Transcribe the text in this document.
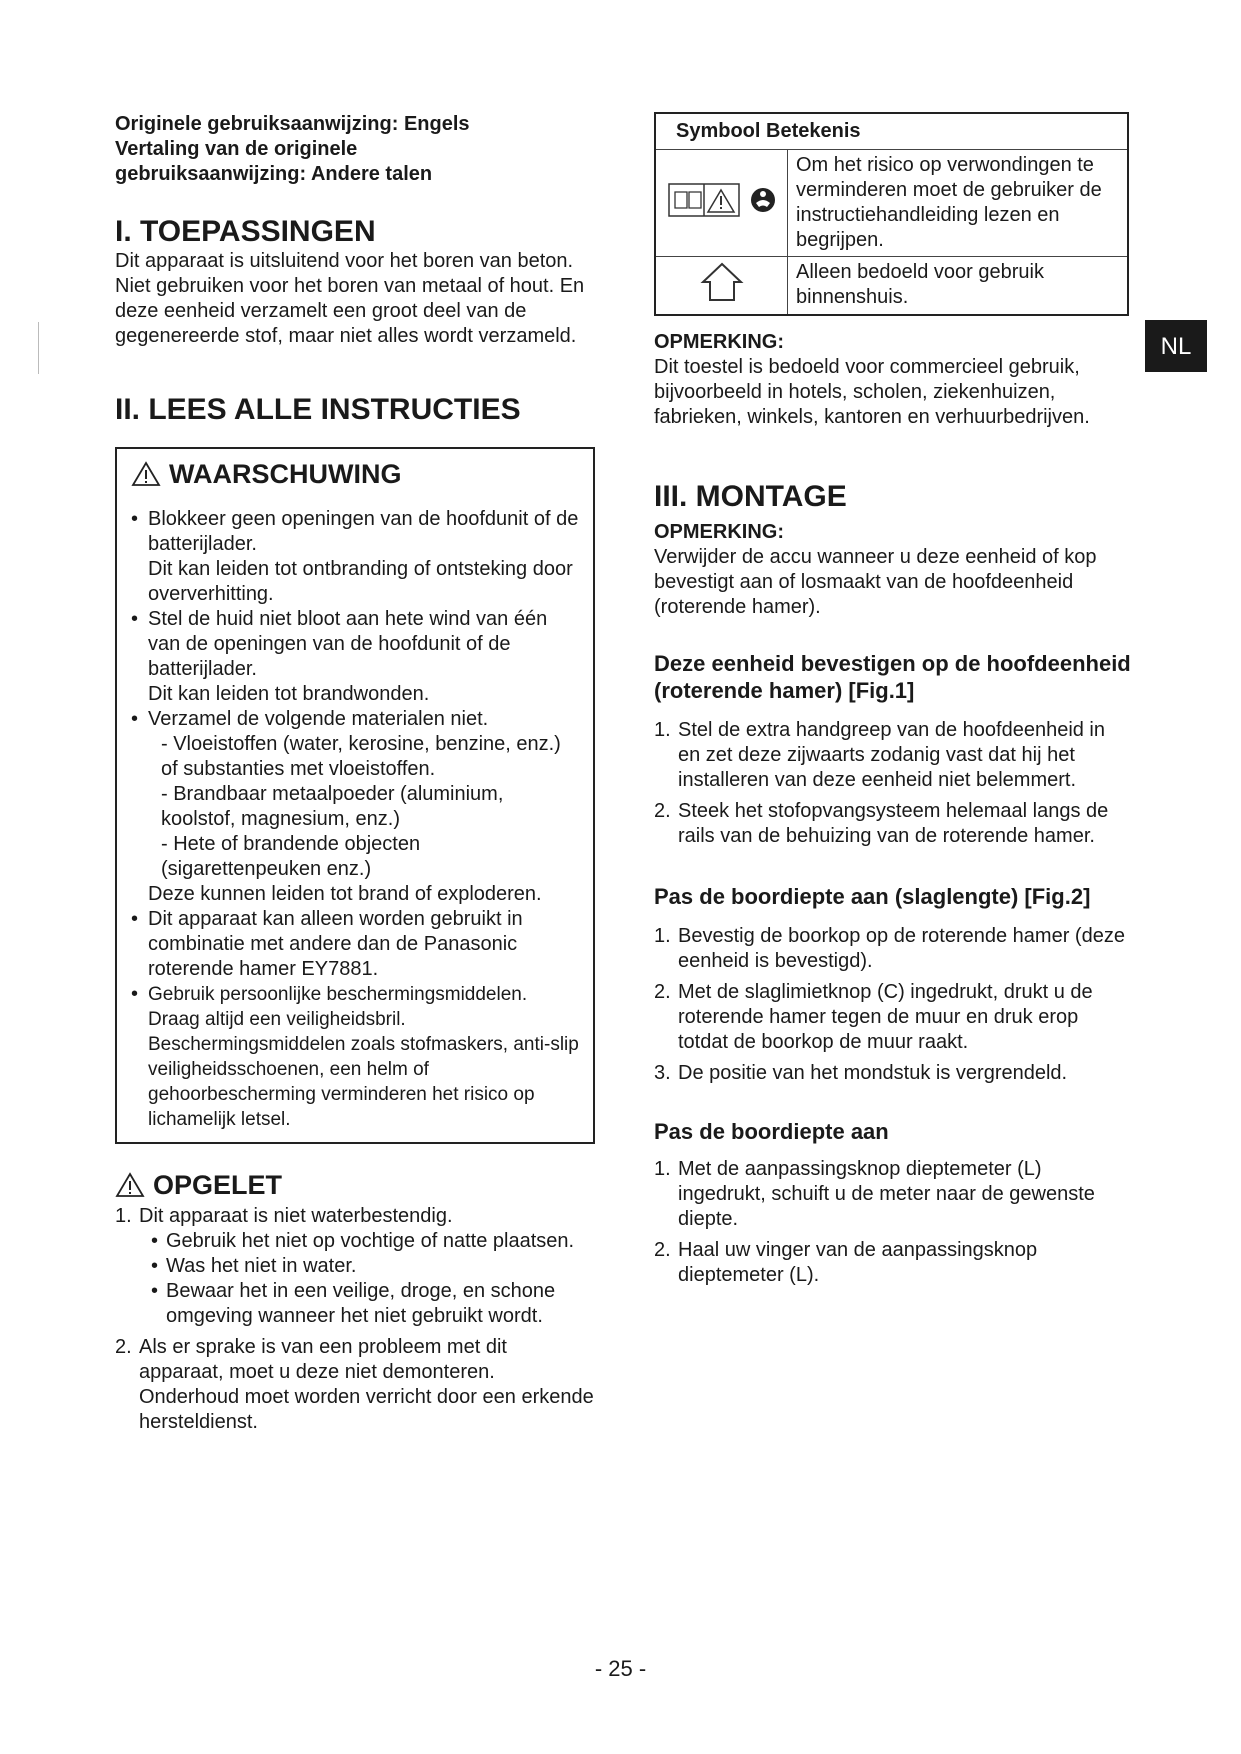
Originele gebruiksaanwijzing: Engels

Vertaling van de originele

gebruiksaanwijzing: Andere talen

I. TOEPASSINGEN

Dit apparaat is uitsluitend voor het boren van beton. Niet gebruiken voor het boren van metaal of hout. En deze eenheid verzamelt een groot deel van de gegenereerde stof, maar niet alles wordt verzameld.

II. LEES ALLE INSTRUCTIES
WAARSCHUWING
• Blokkeer geen openingen van de hoofdunit of de batterijlader.
Dit kan leiden tot ontbranding of ontsteking door oververhitting.
• Stel de huid niet bloot aan hete wind van één van de openingen van de hoofdunit of de batterijlader.
Dit kan leiden tot brandwonden.
• Verzamel de volgende materialen niet.
- Vloeistoffen (water, kerosine, benzine, enz.) of substanties met vloeistoffen.
- Brandbaar metaalpoeder (aluminium, koolstof, magnesium, enz.)
- Hete of brandende objecten (sigarettenpeuken enz.)
Deze kunnen leiden tot brand of exploderen.
• Dit apparaat kan alleen worden gebruikt in combinatie met andere dan de Panasonic roterende hamer EY7881.
• Gebruik persoonlijke beschermingsmiddelen. Draag altijd een veiligheidsbril. Beschermingsmiddelen zoals stofmaskers, anti-slip veiligheidsschoenen, een helm of gehoorbescherming verminderen het risico op lichamelijk letsel.
OPGELET
1. Dit apparaat is niet waterbestendig.
• Gebruik het niet op vochtige of natte plaatsen.
• Was het niet in water.
• Bewaar het in een veilige, droge, en schone omgeving wanneer het niet gebruikt wordt.
2. Als er sprake is van een probleem met dit apparaat, moet u deze niet demonteren. Onderhoud moet worden verricht door een erkende hersteldienst.
Symbool Betekenis	
	Om het risico op verwondingen te verminderen moet de gebruiker de instructiehandleiding lezen en begrijpen.
	Alleen bedoeld voor gebruik binnenshuis.

OPMERKING:

Dit toestel is bedoeld voor commercieel gebruik, bijvoorbeeld in hotels, scholen, ziekenhuizen, fabrieken, winkels, kantoren en verhuurbedrijven.

III. MONTAGE

OPMERKING:

Verwijder de accu wanneer u deze eenheid of kop bevestigt aan of losmaakt van de hoofdeenheid (roterende hamer).

Deze eenheid bevestigen op de hoofdeenheid (roterende hamer) [Fig.1]

1. Stel de extra handgreep van de hoofdeenheid in en zet deze zijwaarts zodanig vast dat hij het installeren van deze eenheid niet belemmert.
2. Steek het stofopvangsysteem helemaal langs de rails van de behuizing van de roterende hamer.

Pas de boordiepte aan (slaglengte) [Fig.2]

1. Bevestig de boorkop op de roterende hamer (deze eenheid is bevestigd).
2. Met de slaglimietknop (C) ingedrukt, drukt u de roterende hamer tegen de muur en druk erop totdat de boorkop de muur raakt.
3. De positie van het mondstuk is vergrendeld.

Pas de boordiepte aan

1. Met de aanpassingsknop dieptemeter (L) ingedrukt, schuift u de meter naar de gewenste diepte.
2. Haal uw vinger van de aanpassingsknop dieptemeter (L).
NL
- 25 -
